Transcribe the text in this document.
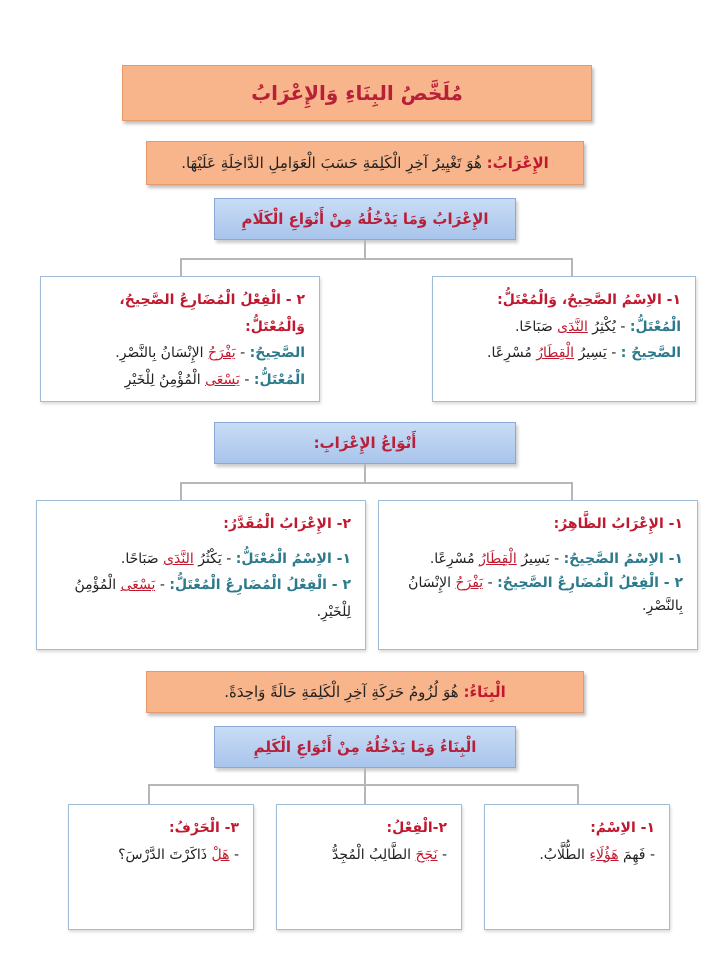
مُلَخَّصُ البِنَاءِ وَالإِعْرَابُ
الإِعْرَابُ: هُوَ تَغْيِيرُ آخِرِ الْكَلِمَةِ حَسَبَ الْعَوَامِلِ الدَّاخِلَةِ عَلَيْهَا.
الإِعْرَابُ وَمَا يَدْخُلُهُ مِنْ أَنْوَاعِ الْكَلَامِ
١- الاِسْمُ الصَّحِيحُ، وَالْمُعْتَلُّ:
الْمُعْتَلُّ: - يُكْثِرُ النَّدَى صَبَاحًا.
الصَّحِيحُ : - يَسِيرُ الْقِطَارُ مُسْرِعًا.
٢ - الْفِعْلُ الْمُضَارِعُ الصَّحِيحُ، وَالْمُعْتَلُّ:
الصَّحِيحُ: - يَفْرَحُ الإِنْسَانُ بِالنَّصْرِ.
الْمُعْتَلُّ: - يَسْعَى الْمُؤْمِنُ لِلْخَيْرِ
أَنْوَاعُ الإِعْرَابِ:
١- الإِعْرَابُ الظَّاهِرُ:
١- الاِسْمُ الصَّحِيحُ: - يَسِيرُ الْقِطَارُ مُسْرِعًا.
٢ - الْفِعْلُ الْمُضَارِعُ الصَّحِيحُ: - يَفْرَحُ الإِنْسَانُ بِالنَّصْرِ.
٢- الإِعْرَابُ الْمُقَدَّرُ:
١- الاِسْمُ الْمُعْتَلُّ: - يَكْثُرُ النَّدَى صَبَاحًا.
٢ - الْفِعْلُ الْمُضَارِعُ الْمُعْتَلُّ: - يَسْعَى الْمُؤْمِنُ لِلْخَيْرِ.
الْبِنَاءُ: هُوَ لُزُومُ حَرَكَةِ آخِرِ الْكَلِمَةِ حَالَةً وَاحِدَةً.
الْبِنَاءُ وَمَا يَدْخُلُهُ مِنْ أَنْوَاعِ الْكَلِمِ
١- الاِسْمُ:
- فَهِمَ هَؤُلَاءِ الطُّلَّابُ.
٢-الْفِعْلُ:
- نَجَحَ الطَّالِبُ الْمُجِدُّ
٣- الْحَرْفُ:
- هَلْ ذَاكَرْتَ الدَّرْسَ؟
